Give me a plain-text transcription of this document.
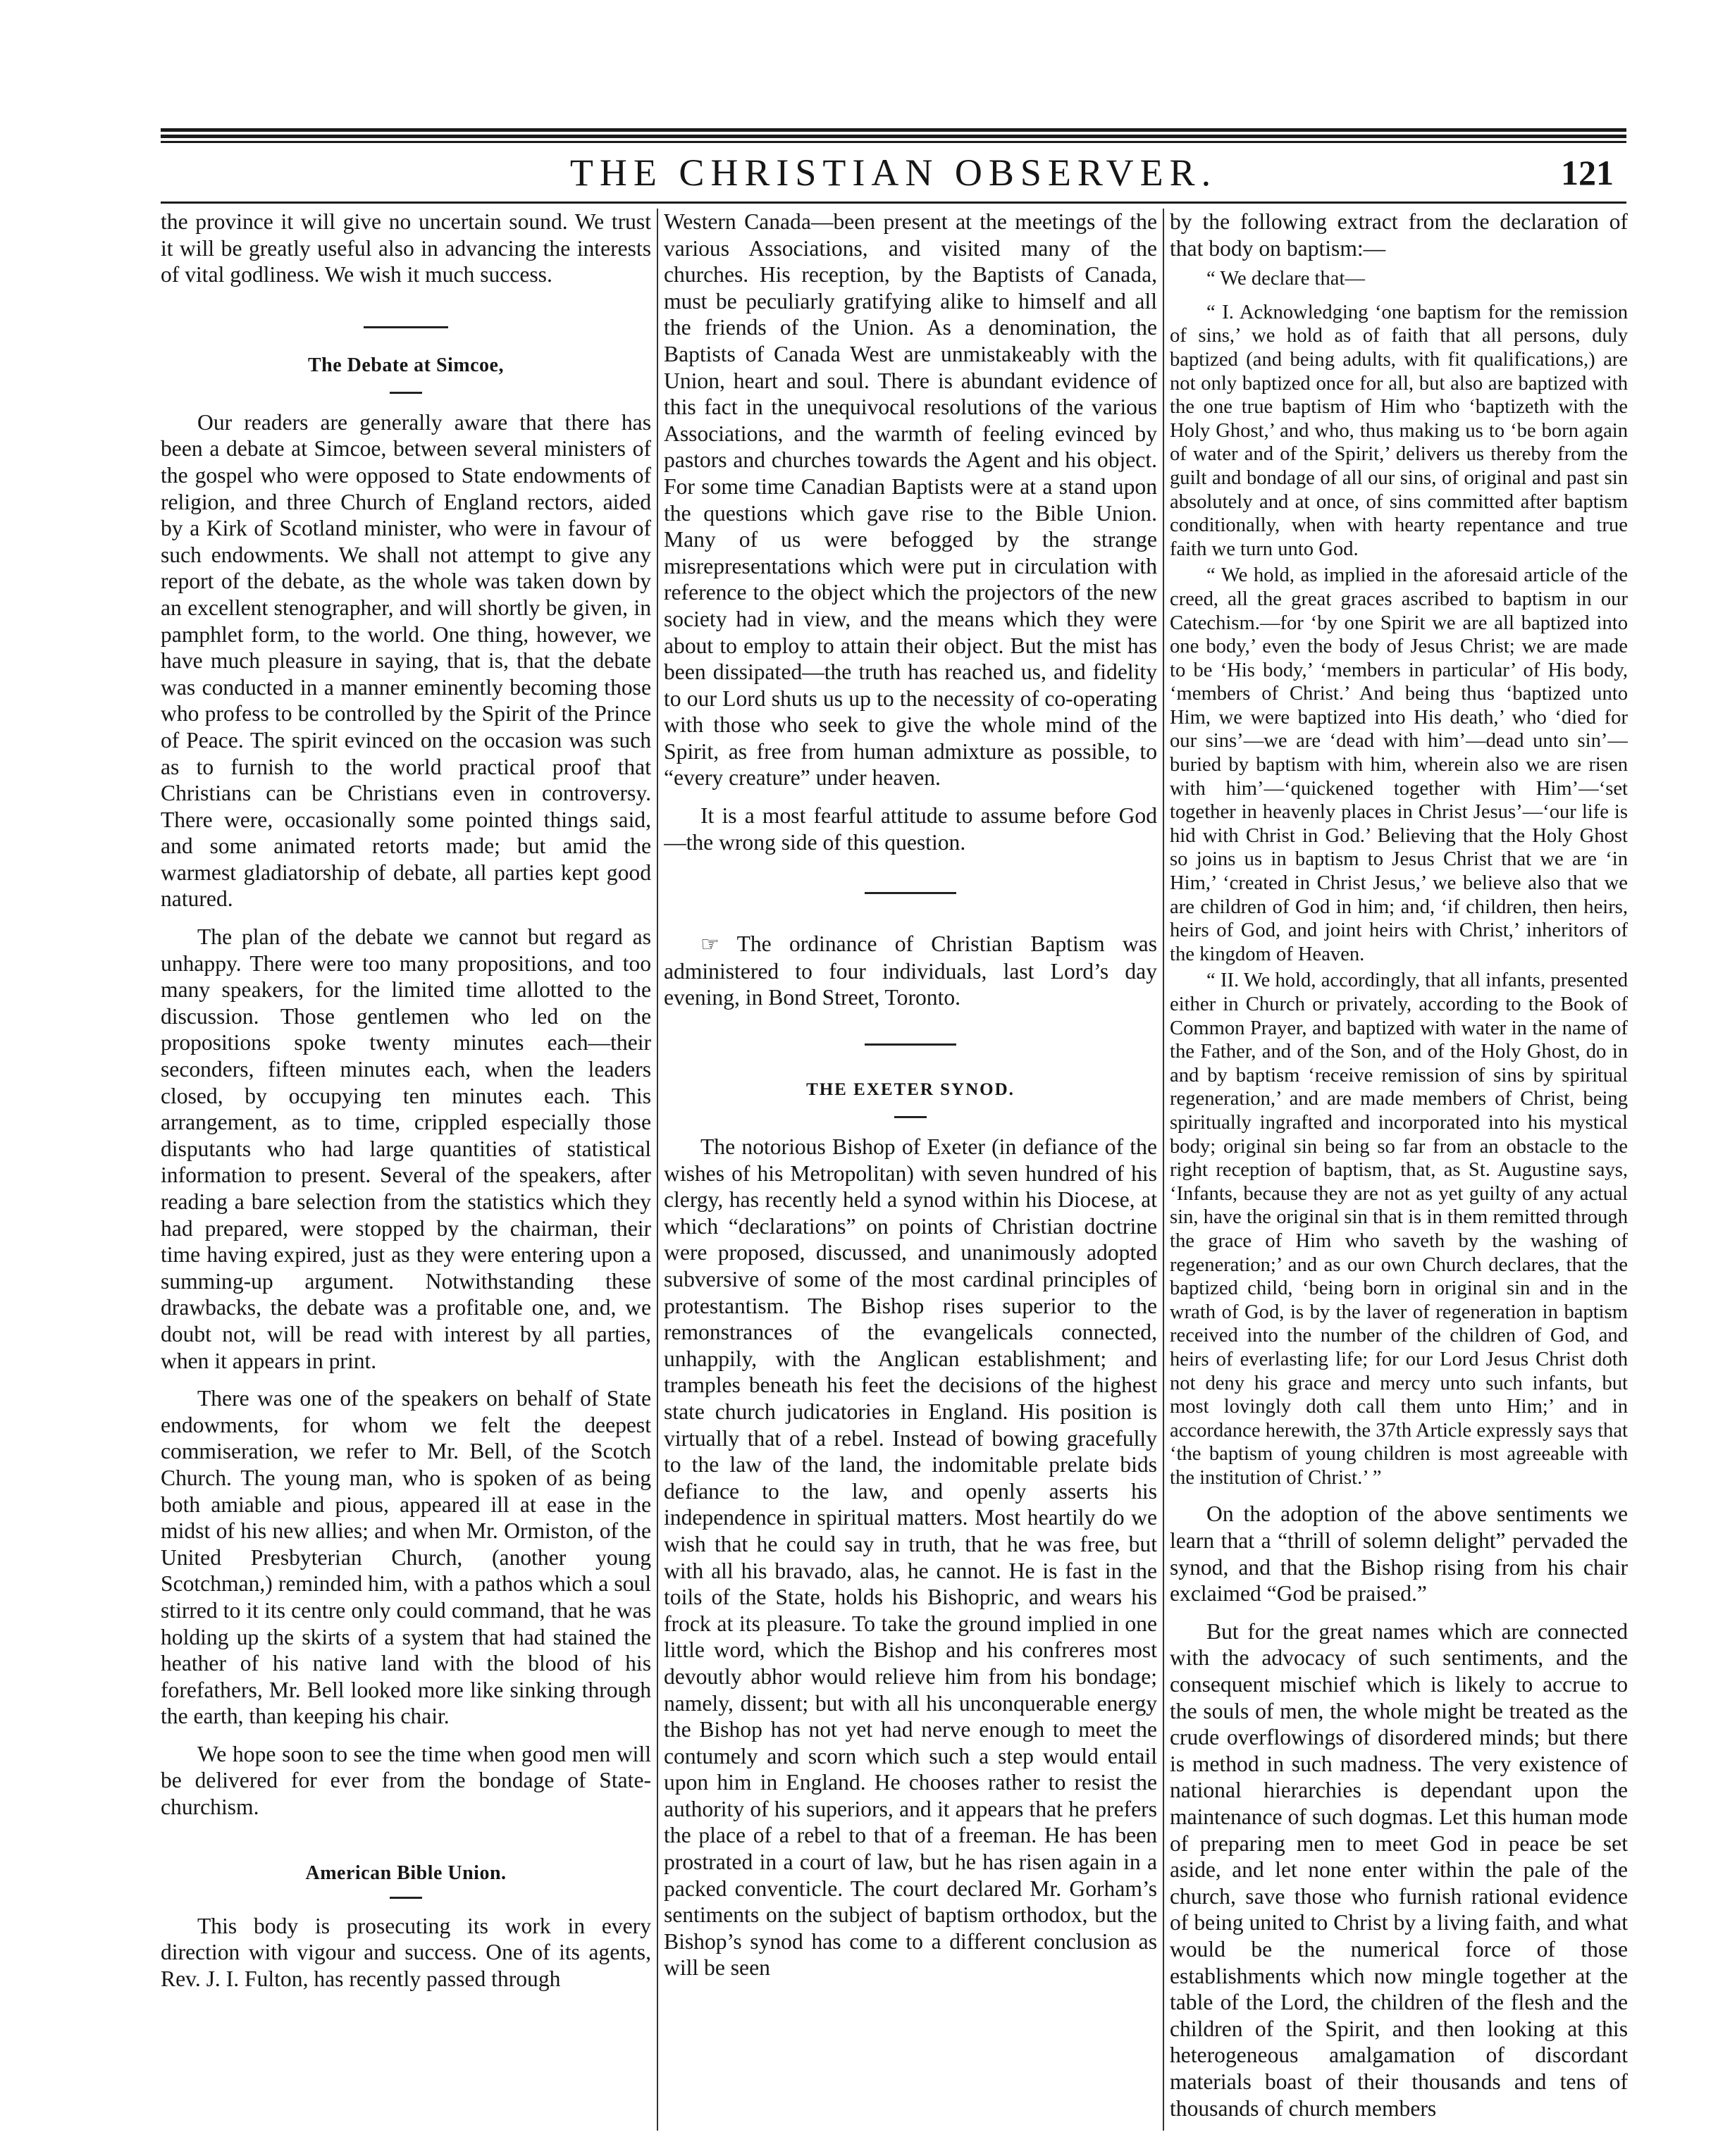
THE CHRISTIAN OBSERVER.	121

the province it will give no uncertain sound. We trust it will be greatly useful also in advancing the interests of vital godliness. We wish it much success.

The Debate at Simcoe,

Our readers are generally aware that there has been a debate at Simcoe, between several ministers of the gospel who were opposed to State endowments of religion, and three Church of England rectors, aided by a Kirk of Scotland minister, who were in favour of such endowments. We shall not attempt to give any report of the debate, as the whole was taken down by an excellent stenographer, and will shortly be given, in pamphlet form, to the world. One thing, however, we have much pleasure in saying, that is, that the debate was conducted in a manner eminently becoming those who profess to be controlled by the Spirit of the Prince of Peace. The spirit evinced on the occasion was such as to furnish to the world practical proof that Christians can be Christians even in controversy. There were, occasionally some pointed things said, and some animated retorts made; but amid the warmest gladiatorship of debate, all parties kept good natured.

The plan of the debate we cannot but regard as unhappy. There were too many propositions, and too many speakers, for the limited time allotted to the discussion. Those gentlemen who led on the propositions spoke twenty minutes each—their seconders, fifteen minutes each, when the leaders closed, by occupying ten minutes each. This arrangement, as to time, crippled especially those disputants who had large quantities of statistical information to present. Several of the speakers, after reading a bare selection from the statistics which they had prepared, were stopped by the chairman, their time having expired, just as they were entering upon a summing-up argument. Notwithstanding these drawbacks, the debate was a profitable one, and, we doubt not, will be read with interest by all parties, when it appears in print.

There was one of the speakers on behalf of State endowments, for whom we felt the deepest commiseration, we refer to Mr. Bell, of the Scotch Church. The young man, who is spoken of as being both amiable and pious, appeared ill at ease in the midst of his new allies; and when Mr. Ormiston, of the United Presbyterian Church, (another young Scotchman,) reminded him, with a pathos which a soul stirred to it its centre only could command, that he was holding up the skirts of a system that had stained the heather of his native land with the blood of his forefathers, Mr. Bell looked more like sinking through the earth, than keeping his chair.

We hope soon to see the time when good men will be delivered for ever from the bondage of State-churchism.

American Bible Union.

This body is prosecuting its work in every direction with vigour and success. One of its agents, Rev. J. I. Fulton, has recently passed through

Western Canada—been present at the meetings of the various Associations, and visited many of the churches. His reception, by the Baptists of Canada, must be peculiarly gratifying alike to himself and all the friends of the Union. As a denomination, the Baptists of Canada West are unmistakeably with the Union, heart and soul. There is abundant evidence of this fact in the unequivocal resolutions of the various Associations, and the warmth of feeling evinced by pastors and churches towards the Agent and his object. For some time Canadian Baptists were at a stand upon the questions which gave rise to the Bible Union. Many of us were befogged by the strange misrepresentations which were put in circulation with reference to the object which the projectors of the new society had in view, and the means which they were about to employ to attain their object. But the mist has been dissipated—the truth has reached us, and fidelity to our Lord shuts us up to the necessity of co-operating with those who seek to give the whole mind of the Spirit, as free from human admixture as possible, to “every creature” under heaven.

It is a most fearful attitude to assume before God—the wrong side of this question.

☞ The ordinance of Christian Baptism was administered to four individuals, last Lord’s day evening, in Bond Street, Toronto.

THE EXETER SYNOD.

The notorious Bishop of Exeter (in defiance of the wishes of his Metropolitan) with seven hundred of his clergy, has recently held a synod within his Diocese, at which “declarations” on points of Christian doctrine were proposed, discussed, and unanimously adopted subversive of some of the most cardinal principles of protestantism. The Bishop rises superior to the remonstrances of the evangelicals connected, unhappily, with the Anglican establishment; and tramples beneath his feet the decisions of the highest state church judicatories in England. His position is virtually that of a rebel. Instead of bowing gracefully to the law of the land, the indomitable prelate bids defiance to the law, and openly asserts his independence in spiritual matters. Most heartily do we wish that he could say in truth, that he was free, but with all his bravado, alas, he cannot. He is fast in the toils of the State, holds his Bishopric, and wears his frock at its pleasure. To take the ground implied in one little word, which the Bishop and his confreres most devoutly abhor would relieve him from his bondage; namely, dissent; but with all his unconquerable energy the Bishop has not yet had nerve enough to meet the contumely and scorn which such a step would entail upon him in England. He chooses rather to resist the authority of his superiors, and it appears that he prefers the place of a rebel to that of a freeman. He has been prostrated in a court of law, but he has risen again in a packed conventicle. The court declared Mr. Gorham’s sentiments on the subject of baptism orthodox, but the Bishop’s synod has come to a different conclusion as will be seen

by the following extract from the declaration of that body on baptism:—

“ We declare that—

“ I. Acknowledging ‘one baptism for the remission of sins,’ we hold as of faith that all persons, duly baptized (and being adults, with fit qualifications,) are not only baptized once for all, but also are baptized with the one true baptism of Him who ‘baptizeth with the Holy Ghost,’ and who, thus making us to ‘be born again of water and of the Spirit,’ delivers us thereby from the guilt and bondage of all our sins, of original and past sin absolutely and at once, of sins committed after baptism conditionally, when with hearty repentance and true faith we turn unto God.

“ We hold, as implied in the aforesaid article of the creed, all the great graces ascribed to baptism in our Catechism.—for ‘by one Spirit we are all baptized into one body,’ even the body of Jesus Christ; we are made to be ‘His body,’ ‘members in particular’ of His body, ‘members of Christ.’ And being thus ‘baptized unto Him, we were baptized into His death,’ who ‘died for our sins’—we are ‘dead with him’—dead unto sin’—buried by baptism with him, wherein also we are risen with him’—‘quickened together with Him’—‘set together in heavenly places in Christ Jesus’—‘our life is hid with Christ in God.’ Believing that the Holy Ghost so joins us in baptism to Jesus Christ that we are ‘in Him,’ ‘created in Christ Jesus,’ we believe also that we are children of God in him; and, ‘if children, then heirs, heirs of God, and joint heirs with Christ,’ inheritors of the kingdom of Heaven.

“ II. We hold, accordingly, that all infants, presented either in Church or privately, according to the Book of Common Prayer, and baptized with water in the name of the Father, and of the Son, and of the Holy Ghost, do in and by baptism ‘receive remission of sins by spiritual regeneration,’ and are made members of Christ, being spiritually ingrafted and incorporated into his mystical body; original sin being so far from an obstacle to the right reception of baptism, that, as St. Augustine says, ‘Infants, because they are not as yet guilty of any actual sin, have the original sin that is in them remitted through the grace of Him who saveth by the washing of regeneration;’ and as our own Church declares, that the baptized child, ‘being born in original sin and in the wrath of God, is by the laver of regeneration in baptism received into the number of the children of God, and heirs of everlasting life; for our Lord Jesus Christ doth not deny his grace and mercy unto such infants, but most lovingly doth call them unto Him;’ and in accordance herewith, the 37th Article expressly says that ‘the baptism of young children is most agreeable with the institution of Christ.’ ”

On the adoption of the above sentiments we learn that a “thrill of solemn delight” pervaded the synod, and that the Bishop rising from his chair exclaimed “God be praised.”

But for the great names which are connected with the advocacy of such sentiments, and the consequent mischief which is likely to accrue to the souls of men, the whole might be treated as the crude overflowings of disordered minds; but there is method in such madness. The very existence of national hierarchies is dependant upon the maintenance of such dogmas. Let this human mode of preparing men to meet God in peace be set aside, and let none enter within the pale of the church, save those who furnish rational evidence of being united to Christ by a living faith, and what would be the numerical force of those establishments which now mingle together at the table of the Lord, the children of the flesh and the children of the Spirit, and then looking at this heterogeneous amalgamation of discordant materials boast of their thousands and tens of thousands of church members
